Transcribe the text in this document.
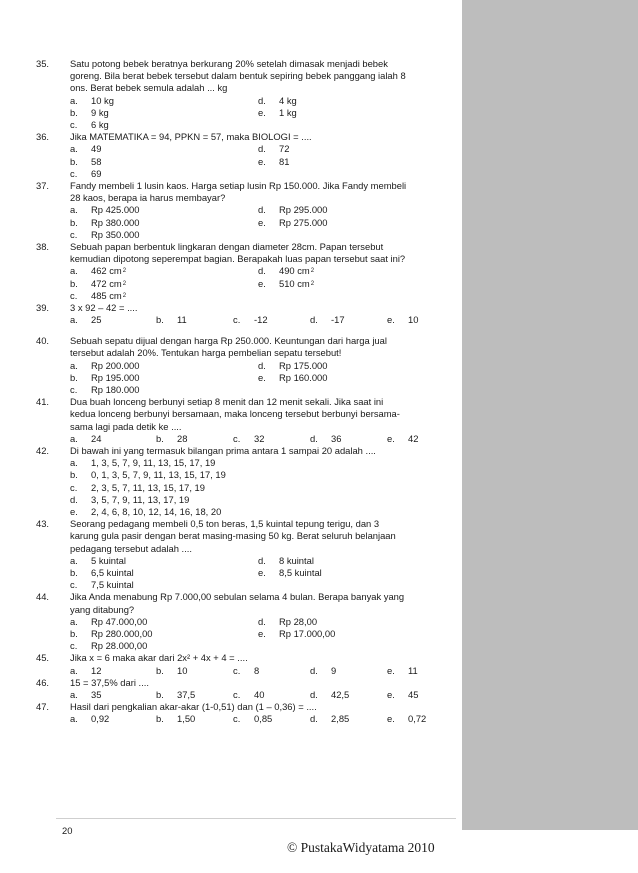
35.	Satu potong bebek beratnya berkurang 20% setelah dimasak menjadi bebek
goreng. Bila berat bebek tersebut dalam bentuk sepiring bebek panggang ialah 8
ons. Berat bebek semula adalah ... kg
a.	10 kg	d.	4 kg
b.	9 kg	e.	1 kg
c.	6 kg
36.	Jika MATEMATIKA = 94, PPKN = 57, maka BIOLOGI = ....
a.	49	d.	72
b.	58	e.	81
c.	69
37.	Fandy membeli 1 lusin kaos. Harga setiap lusin Rp 150.000. Jika Fandy membeli
28 kaos, berapa ia harus membayar?
a.	Rp 425.000	d.	Rp 295.000
b.	Rp 380.000	e.	Rp 275.000
c.	Rp 350.000
38.	Sebuah papan berbentuk lingkaran dengan diameter 28cm. Papan tersebut
kemudian dipotong seperempat bagian. Berapakah luas papan tersebut saat ini?
a.	462 cm 2	d.	490 cm 2
b.	472 cm 2	e.	510 cm 2
c.	485 cm 2
39.	3 x 92 – 42 = ....
a.	25	b.	11	c.	-12	d.	-17	e.	10
40.	Sebuah sepatu dijual dengan harga Rp 250.000. Keuntungan dari harga jual
tersebut adalah 20%. Tentukan harga pembelian sepatu tersebut!
a.	Rp 200.000	d.	Rp 175.000
b.	Rp 195.000	e.	Rp 160.000
c.	Rp 180.000
41.	Dua buah lonceng berbunyi setiap 8 menit dan 12 menit sekali. Jika saat ini
kedua lonceng berbunyi bersamaan, maka lonceng tersebut berbunyi bersama-
sama lagi pada detik ke ....
a.	24	b.	28	c.	32	d.	36	e.	42
42.	Di bawah ini yang termasuk bilangan prima antara 1 sampai 20 adalah ....
a.	1, 3, 5, 7, 9, 11, 13, 15, 17, 19
b.	0, 1, 3, 5, 7, 9, 11, 13, 15, 17, 19
c.	2, 3, 5, 7, 11, 13, 15, 17, 19
d.	3, 5, 7, 9, 11, 13, 17, 19
e.	2, 4, 6, 8, 10, 12, 14, 16, 18, 20
43.	Seorang pedagang membeli 0,5 ton beras, 1,5 kuintal tepung terigu, dan 3
karung gula pasir dengan berat masing-masing 50 kg. Berat seluruh belanjaan
pedagang tersebut adalah ....
a.	5 kuintal	d.	8 kuintal
b.	6,5 kuintal	e.	8,5 kuintal
c.	7,5 kuintal
44.	Jika Anda menabung Rp 7.000,00 sebulan selama 4 bulan. Berapa banyak yang
yang ditabung?
a.	Rp 47.000,00	d.	Rp 28,00
b.	Rp 280.000,00	e.	Rp 17.000,00
c.	Rp 28.000,00
45.	Jika x = 6 maka akar dari 2x² + 4x + 4 = ....
a.	12	b.	10	c.	8	d.	9	e.	11
46.	15 = 37,5% dari ....
a.	35	b.	37,5	c.	40	d.	42,5	e.	45
47.	Hasil dari pengkalian akar-akar (1-0,51) dan (1 – 0,36) = ....
a.	0,92	b.	1,50	c.	0,85	d.	2,85	e.	0,72
20
© PustakaWidyatama 2010
